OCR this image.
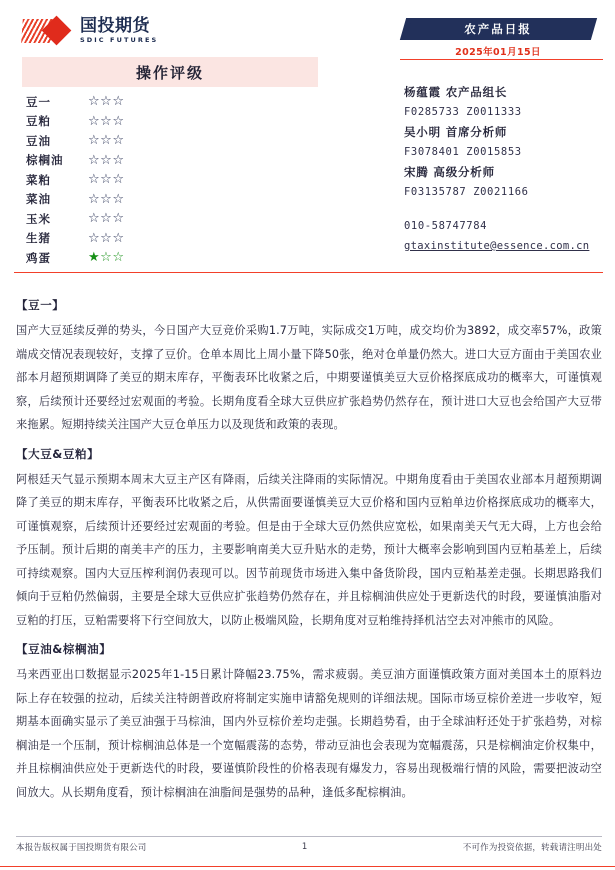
国投期货
SDIC FUTURES
操作评级
豆一	☆☆☆
豆粕	☆☆☆
豆油	☆☆☆
棕榈油	☆☆☆
菜粕	☆☆☆
菜油	☆☆☆
玉米	☆☆☆
生猪	☆☆☆
鸡蛋	★☆☆
农产品日报
2025年01月15日
杨蕴霞 农产品组长
F0285733 Z0011333
吴小明 首席分析师
F3078401 Z0015853
宋腾 高级分析师
F03135787 Z0021166
010-58747784
gtaxinstitute@essence.com.cn
【豆一】
国产大豆延续反弹的势头，今日国产大豆竞价采购1.7万吨，实际成交1万吨，成交均价为3892，成交率57%，政策端成交情况表现较好，支撑了豆价。仓单本周比上周小量下降50张，绝对仓单量仍然大。进口大豆方面由于美国农业部本月超预期调降了美豆的期末库存，平衡表环比收紧之后，中期要谨慎美豆大豆价格探底成功的概率大，可谨慎观察，后续预计还要经过宏观面的考验。长期角度看全球大豆供应扩张趋势仍然存在，预计进口大豆也会给国产大豆带来拖累。短期持续关注国产大豆仓单压力以及现货和政策的表现。
【大豆&豆粕】
阿根廷天气显示预期本周末大豆主产区有降雨，后续关注降雨的实际情况。中期角度看由于美国农业部本月超预期调降了美豆的期末库存，平衡表环比收紧之后，从供需面要谨慎美豆大豆价格和国内豆粕单边价格探底成功的概率大，可谨慎观察，后续预计还要经过宏观面的考验。但是由于全球大豆仍然供应宽松，如果南美天气无大碍，上方也会给予压制。预计后期的南美丰产的压力，主要影响南美大豆升贴水的走势，预计大概率会影响到国内豆粕基差上，后续可持续观察。国内大豆压榨利润仍表现可以。因节前现货市场进入集中备货阶段，国内豆粕基差走强。长期思路我们倾向于豆粕仍然偏弱，主要是全球大豆供应扩张趋势仍然存在，并且棕榈油供应处于更新迭代的时段，要谨慎油脂对豆粕的打压，豆粕需要将下行空间放大，以防止极端风险，长期角度对豆粕维持择机沽空去对冲熊市的风险。
【豆油&棕榈油】
马来西亚出口数据显示2025年1-15日累计降幅23.75%，需求疲弱。美豆油方面谨慎政策方面对美国本土的原料边际上存在较强的拉动，后续关注特朗普政府将制定实施申请豁免规则的详细法规。国际市场豆棕价差进一步收窄，短期基本面确实显示了美豆油强于马棕油，国内外豆棕价差均走强。长期趋势看，由于全球油籽还处于扩张趋势，对棕榈油是一个压制，预计棕榈油总体是一个宽幅震荡的态势，带动豆油也会表现为宽幅震荡，只是棕榈油定价权集中，并且棕榈油供应处于更新迭代的时段，要谨慎阶段性的价格表现有爆发力，容易出现极端行情的风险，需要把波动空间放大。从长期角度看，预计棕榈油在油脂间是强势的品种，逢低多配棕榈油。
本报告版权属于国投期货有限公司	1	不可作为投资依据，转载请注明出处
